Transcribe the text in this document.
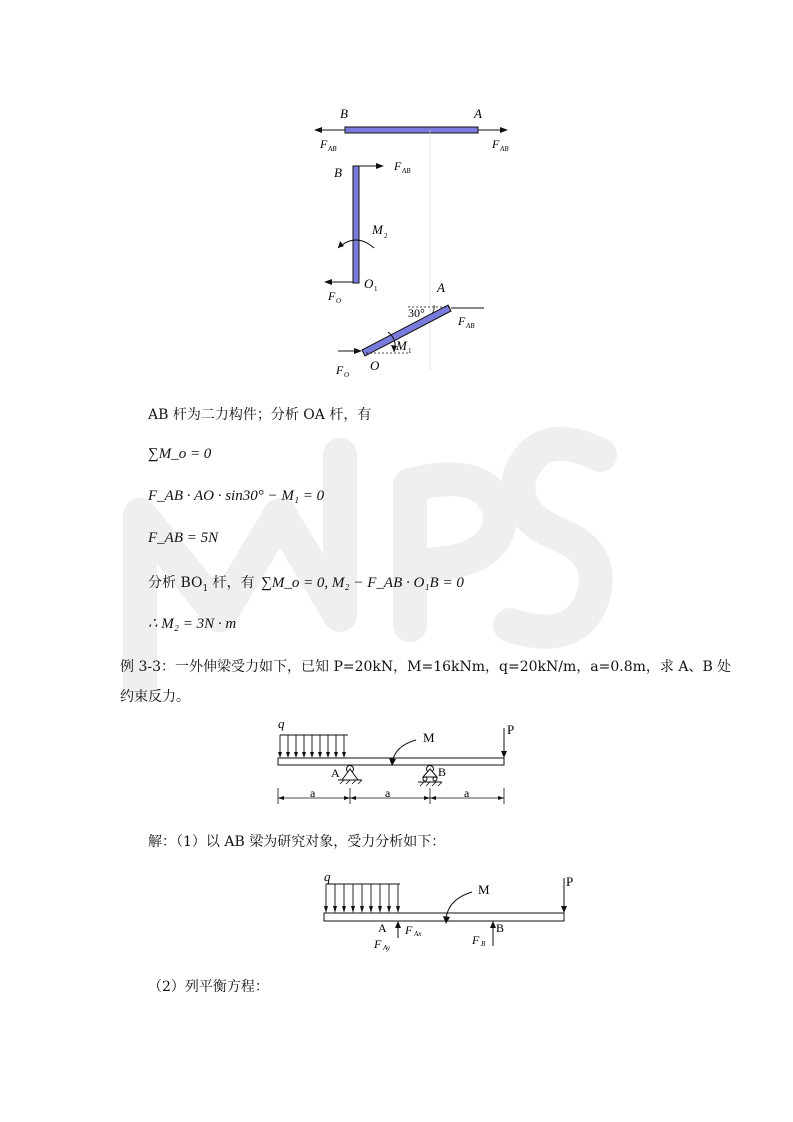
WPS
B	A
F AB	F AB
B	F AB
M 2
O 1
F O
A
30°
F AB
M 1
O
F O
AB 杆为二力构件；分析 OA 杆，有
∑M_o = 0
F_AB · AO · sin30° − M₁ = 0
F_AB = 5N
分析 $BO_1$ 杆，有 ∑M_o = 0, M₂ − F_AB · O₁B = 0
∴ M₂ = 3N · m
例 3-3：一外伸梁受力如下，已知 P=20kN，M=16kNm，q=20kN/m，a=0.8m，求 A、B 处
约束反力。
q
M
P
A	B
a	a	a
解：（1）以 AB 梁为研究对象，受力分析如下：
q
M
P
A F Ax
F Ay
B
F B
（2）列平衡方程：
